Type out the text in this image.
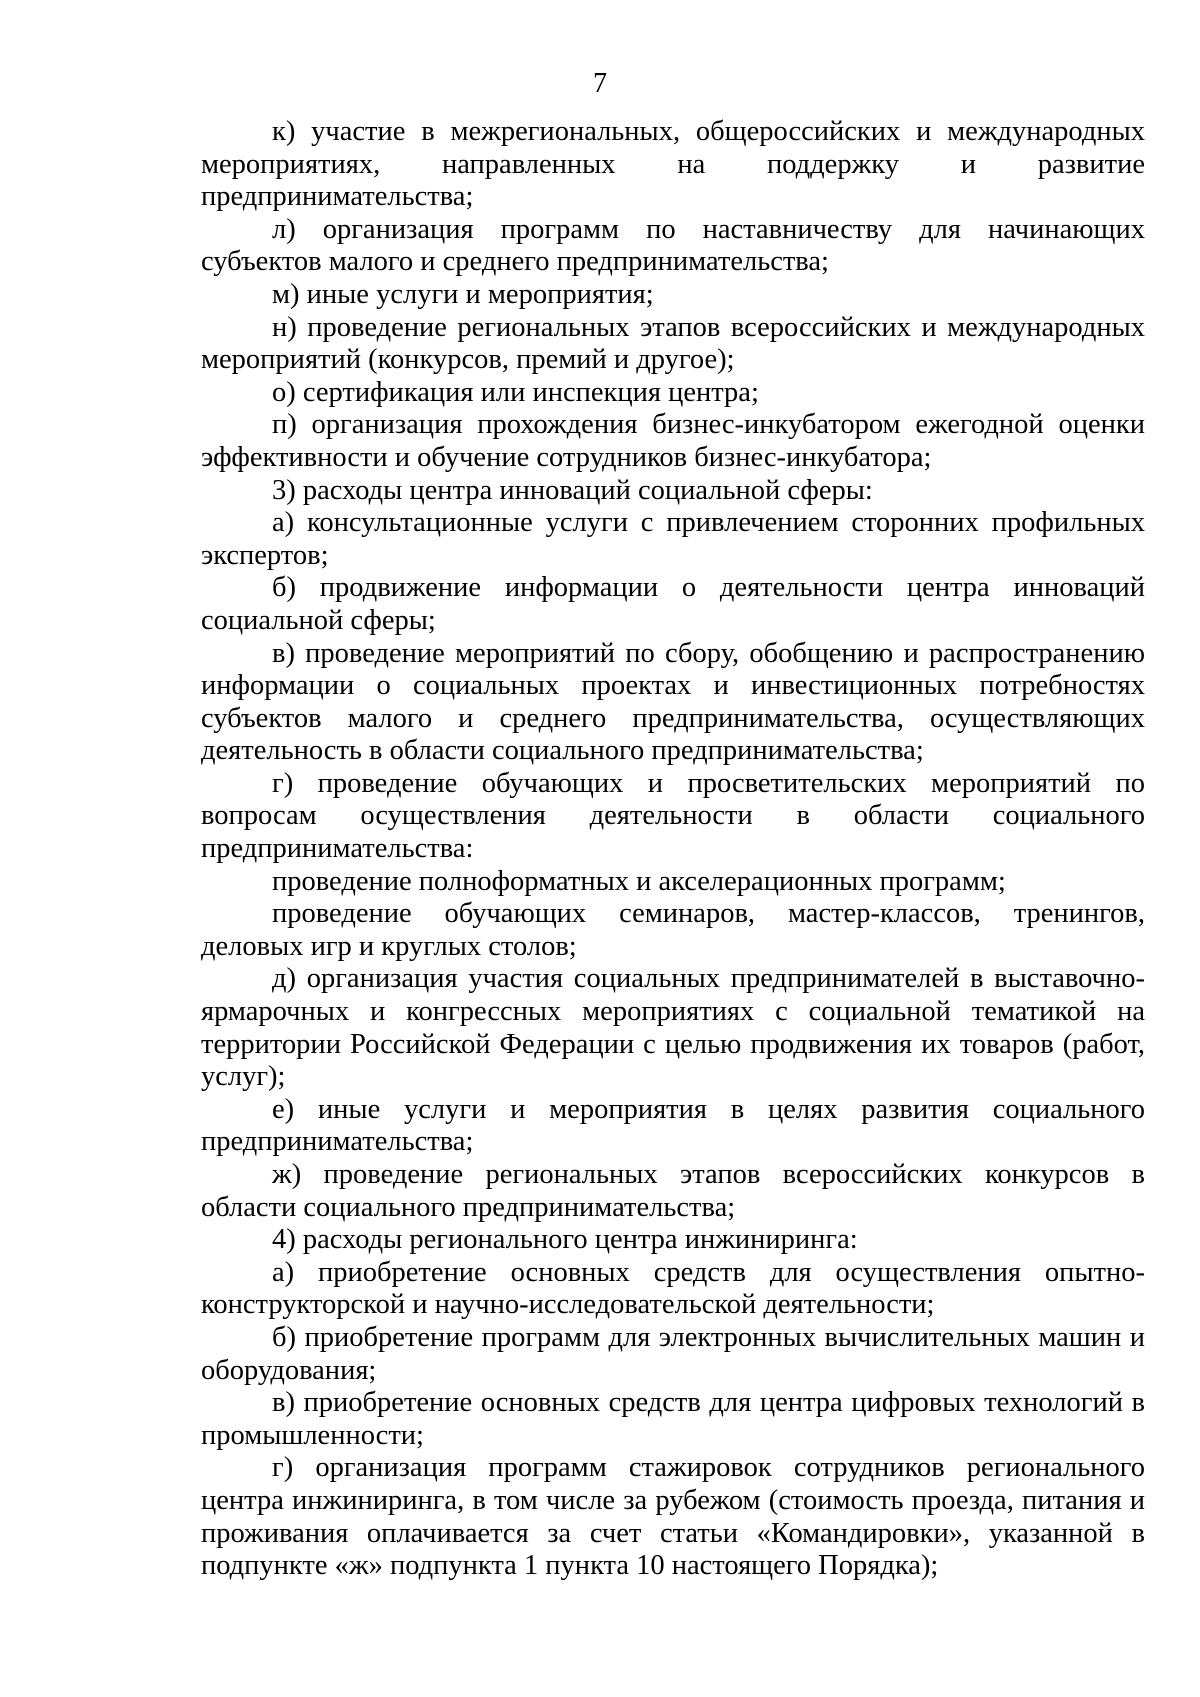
7

к) участие в межрегиональных, общероссийских и международных мероприятиях, направленных на поддержку и развитие предпринимательства;

л) организация программ по наставничеству для начинающих субъектов малого и среднего предпринимательства;

м) иные услуги и мероприятия;

н) проведение региональных этапов всероссийских и международных мероприятий (конкурсов, премий и другое);

о) сертификация или инспекция центра;

п) организация прохождения бизнес-инкубатором ежегодной оценки эффективности и обучение сотрудников бизнес-инкубатора;

3) расходы центра инноваций социальной сферы:

а) консультационные услуги с привлечением сторонних профильных экспертов;

б) продвижение информации о деятельности центра инноваций социальной сферы;

в) проведение мероприятий по сбору, обобщению и распространению информации о социальных проектах и инвестиционных потребностях субъектов малого и среднего предпринимательства, осуществляющих деятельность в области социального предпринимательства;

г) проведение обучающих и просветительских мероприятий по вопросам осуществления деятельности в области социального предпринимательства:

проведение полноформатных и акселерационных программ;

проведение обучающих семинаров, мастер-классов, тренингов, деловых игр и круглых столов;

д) организация участия социальных предпринимателей в выставочно-ярмарочных и конгрессных мероприятиях с социальной тематикой на территории Российской Федерации с целью продвижения их товаров (работ, услуг);

е) иные услуги и мероприятия в целях развития социального предпринимательства;

ж) проведение региональных этапов всероссийских конкурсов в области социального предпринимательства;

4) расходы регионального центра инжиниринга:

а) приобретение основных средств для осуществления опытно-конструкторской и научно-исследовательской деятельности;

б) приобретение программ для электронных вычислительных машин и оборудования;

в) приобретение основных средств для центра цифровых технологий в промышленности;

г) организация программ стажировок сотрудников регионального центра инжиниринга, в том числе за рубежом (стоимость проезда, питания и проживания оплачивается за счет статьи «Командировки», указанной в подпункте «ж» подпункта 1 пункта 10 настоящего Порядка);
